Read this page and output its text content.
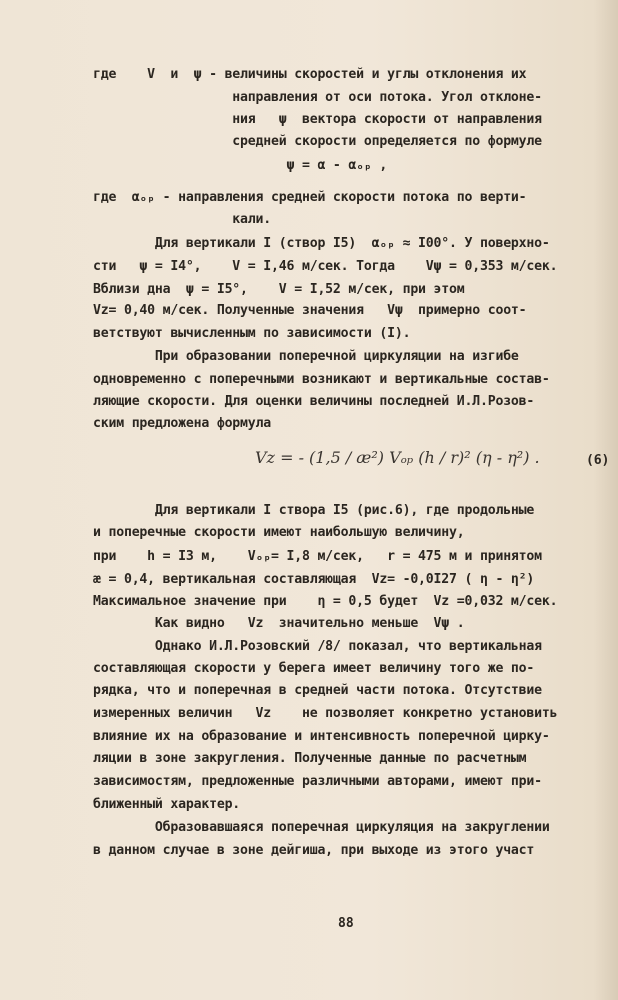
где    V  и  ψ - величины скоростей и углы отклонения их
направления от оси потока. Угол отклоне-
ния   ψ  вектора скорости от направления
средней скорости определяется по формуле
ψ = α - αₒₚ ,
где  αₒₚ - направления средней скорости потока по верти-
кали.
Для вертикали I (створ I5)  αₒₚ ≈ I00°. У поверхно-
сти   ψ = I4°,    V = I,46 м/сек. Тогда    Vψ = 0,353 м/сек.
Вблизи дна  ψ = I5°,    V = I,52 м/сек, при этом
Vz= 0,40 м/сек. Полученные значения   Vψ  примерно соот-
ветствуют вычисленным по зависимости (I).
При образовании поперечной циркуляции на изгибе
одновременно с поперечными возникают и вертикальные состав-
ляющие скорости. Для оценки величины последней И.Л.Розов-
ским предложена формула
Vz = - (1,5 / æ²) Vₒₚ (h / r)² (η - η²) .	(6)
Для вертикали I створа I5 (рис.6), где продольные
и поперечные скорости имеют наибольшую величину,
при    h = I3 м,    Vₒₚ= I,8 м/сек,   r = 475 м и принятом
æ = 0,4, вертикальная составляющая  Vz= -0,0I27 ( η - η²)
Максимальное значение при    η = 0,5 будет  Vz =0,032 м/сек.
Как видно   Vz  значительно меньше  Vψ .
Однако И.Л.Розовский /8/ показал, что вертикальная
составляющая скорости у берега имеет величину того же по-
рядка, что и поперечная в средней части потока. Отсутствие
измеренных величин   Vz    не позволяет конкретно установить
влияние их на образование и интенсивность поперечной цирку-
ляции в зоне закругления. Полученные данные по расчетным
зависимостям, предложенные различными авторами, имеют при-
ближенный характер.
Образовавшаяся поперечная циркуляция на закруглении
в данном случае в зоне дейгиша, при выходе из этого участ
88
